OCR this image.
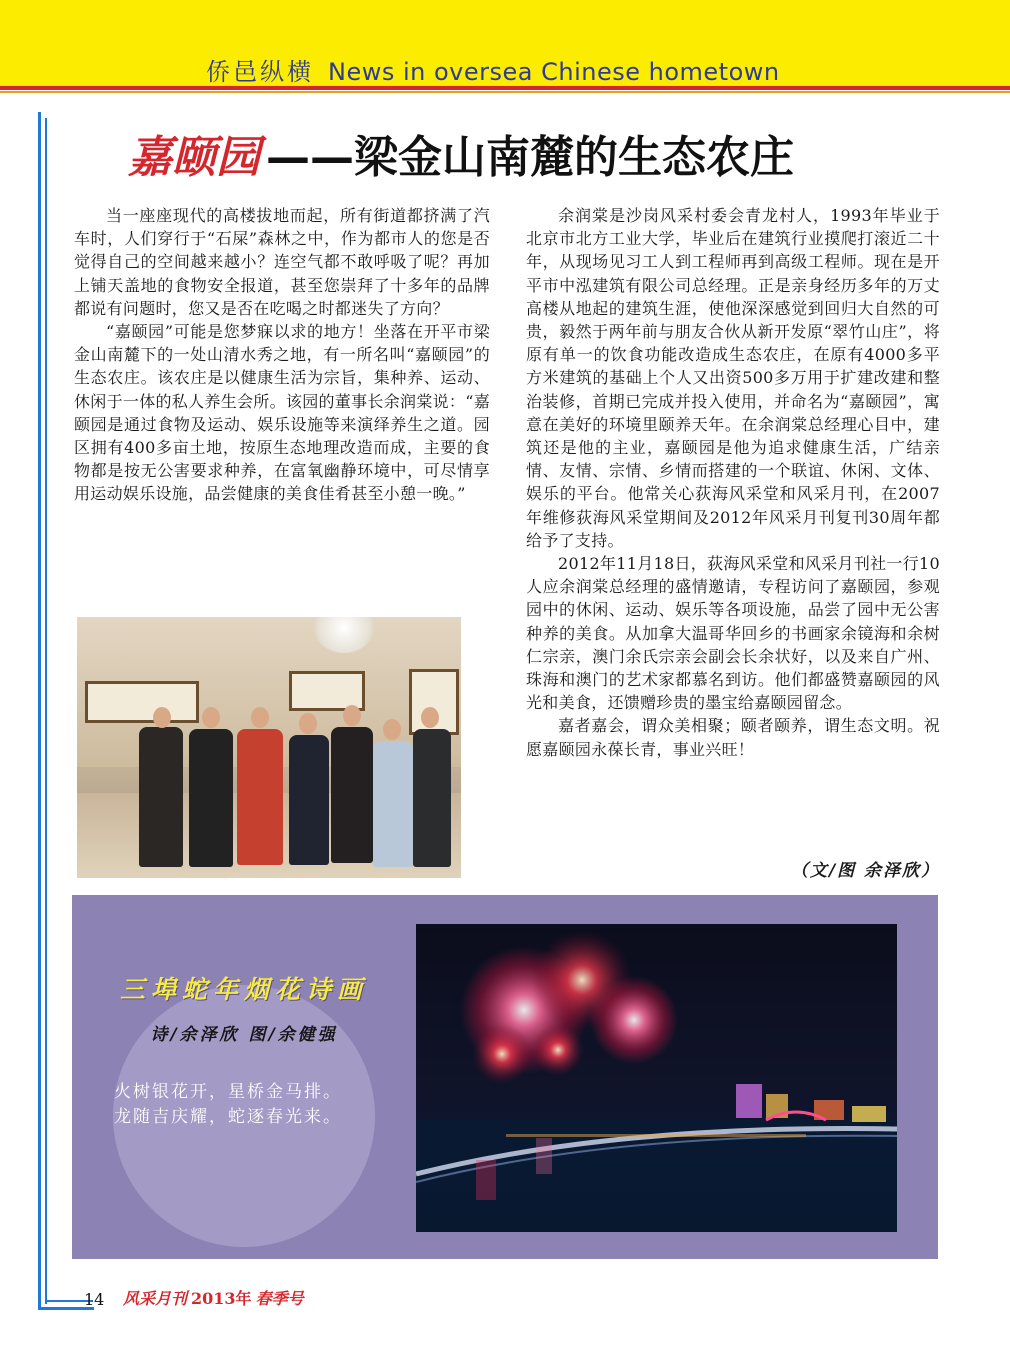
侨邑纵横 News in oversea Chinese hometown
嘉颐园 ——梁金山南麓的生态农庄

当一座座现代的高楼拔地而起，所有街道都挤满了汽车时，人们穿行于“石屎”森林之中，作为都市人的您是否觉得自己的空间越来越小？连空气都不敢呼吸了呢？再加上铺天盖地的食物安全报道，甚至您崇拜了十多年的品牌都说有问题时，您又是否在吃喝之时都迷失了方向？

“嘉颐园”可能是您梦寐以求的地方！坐落在开平市梁金山南麓下的一处山清水秀之地，有一所名叫“嘉颐园”的生态农庄。该农庄是以健康生活为宗旨，集种养、运动、休闲于一体的私人养生会所。该园的董事长余润棠说：“嘉颐园是通过食物及运动、娱乐设施等来演绎养生之道。园区拥有400多亩土地，按原生态地理改造而成，主要的食物都是按无公害要求种养，在富氧幽静环境中，可尽情享用运动娱乐设施，品尝健康的美食佳肴甚至小憩一晚。”

余润棠是沙岗风采村委会青龙村人，1993年毕业于北京市北方工业大学，毕业后在建筑行业摸爬打滚近二十年，从现场见习工人到工程师再到高级工程师。现在是开平市中泓建筑有限公司总经理。正是亲身经历多年的万丈高楼从地起的建筑生涯，使他深深感觉到回归大自然的可贵，毅然于两年前与朋友合伙从新开发原“翠竹山庄”，将原有单一的饮食功能改造成生态农庄，在原有4000多平方米建筑的基础上个人又出资500多万用于扩建改建和整治装修，首期已完成并投入使用，并命名为“嘉颐园”，寓意在美好的环境里颐养天年。在余润棠总经理心目中，建筑还是他的主业，嘉颐园是他为追求健康生活，广结亲情、友情、宗情、乡情而搭建的一个联谊、休闲、文体、娱乐的平台。他常关心荻海风采堂和风采月刊，在2007年维修荻海风采堂期间及2012年风采月刊复刊30周年都给予了支持。

2012年11月18日，荻海风采堂和风采月刊社一行10人应余润棠总经理的盛情邀请，专程访问了嘉颐园，参观园中的休闲、运动、娱乐等各项设施，品尝了园中无公害种养的美食。从加拿大温哥华回乡的书画家余镜海和余树仁宗亲，澳门余氏宗亲会副会长余状好，以及来自广州、珠海和澳门的艺术家都慕名到访。他们都盛赞嘉颐园的风光和美食，还馈赠珍贵的墨宝给嘉颐园留念。

嘉者嘉会，谓众美相聚；颐者颐养，谓生态文明。祝愿嘉颐园永葆长青，事业兴旺！

（文/图 余泽欣）
三埠蛇年烟花诗画
诗/余泽欣 图/余健强
火树银花开，星桥金马排。
龙随吉庆耀，蛇逐春光来。
14	风采月刊 2013年 春季号
